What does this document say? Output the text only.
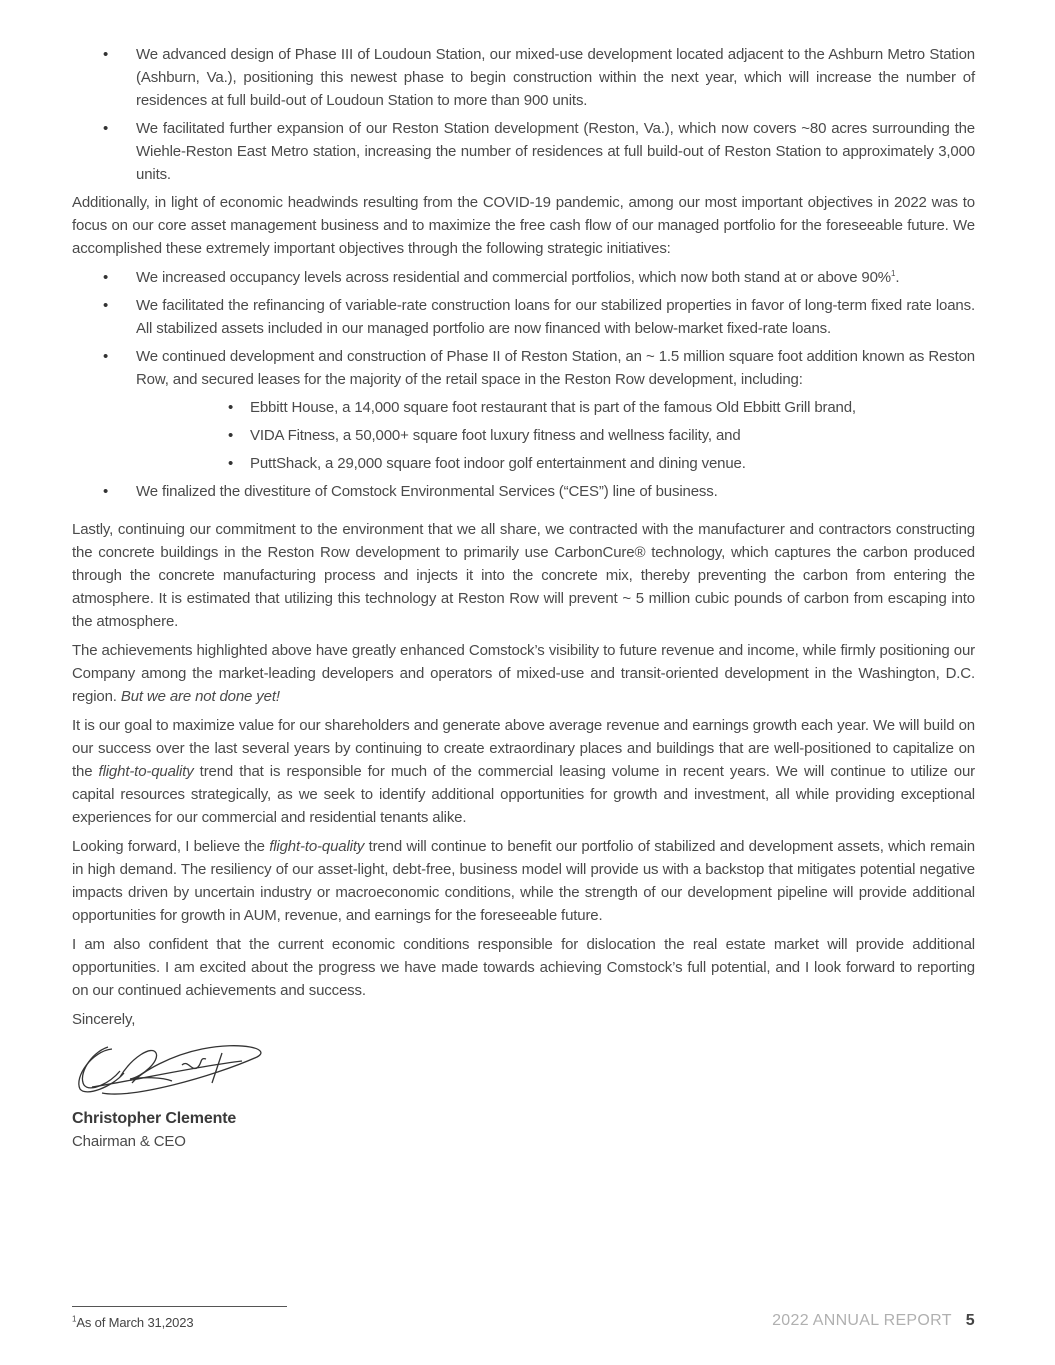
• We advanced design of Phase III of Loudoun Station, our mixed-use development located adjacent to the Ashburn Metro Station (Ashburn, Va.), positioning this newest phase to begin construction within the next year, which will increase the number of residences at full build-out of Loudoun Station to more than 900 units.
• We facilitated further expansion of our Reston Station development (Reston, Va.), which now covers ~80 acres surrounding the Wiehle-Reston East Metro station, increasing the number of residences at full build-out of Reston Station to approximately 3,000 units.

Additionally, in light of economic headwinds resulting from the COVID-19 pandemic, among our most important objectives in 2022 was to focus on our core asset management business and to maximize the free cash flow of our managed portfolio for the foreseeable future. We accomplished these extremely important objectives through the following strategic initiatives:

• We increased occupancy levels across residential and commercial portfolios, which now both stand at or above 90%$^1$.
• We facilitated the refinancing of variable-rate construction loans for our stabilized properties in favor of long-term fixed rate loans. All stabilized assets included in our managed portfolio are now financed with below-market fixed-rate loans.
• We continued development and construction of Phase II of Reston Station, an ~ 1.5 million square foot addition known as Reston Row, and secured leases for the majority of the retail space in the Reston Row development, including:
• Ebbitt House, a 14,000 square foot restaurant that is part of the famous Old Ebbitt Grill brand,
• VIDA Fitness, a 50,000+ square foot luxury fitness and wellness facility, and
• PuttShack, a 29,000 square foot indoor golf entertainment and dining venue.
• We finalized the divestiture of Comstock Environmental Services (“CES”) line of business.

Lastly, continuing our commitment to the environment that we all share, we contracted with the manufacturer and contractors constructing the concrete buildings in the Reston Row development to primarily use CarbonCure® technology, which captures the carbon produced through the concrete manufacturing process and injects it into the concrete mix, thereby preventing the carbon from entering the atmosphere. It is estimated that utilizing this technology at Reston Row will prevent ~ 5 million cubic pounds of carbon from escaping into the atmosphere.

The achievements highlighted above have greatly enhanced Comstock’s visibility to future revenue and income, while firmly positioning our Company among the market-leading developers and operators of mixed-use and transit-oriented development in the Washington, D.C. region. But we are not done yet!

It is our goal to maximize value for our shareholders and generate above average revenue and earnings growth each year. We will build on our success over the last several years by continuing to create extraordinary places and buildings that are well-positioned to capitalize on the flight-to-quality trend that is responsible for much of the commercial leasing volume in recent years. We will continue to utilize our capital resources strategically, as we seek to identify additional opportunities for growth and investment, all while providing exceptional experiences for our commercial and residential tenants alike.

Looking forward, I believe the flight-to-quality trend will continue to benefit our portfolio of stabilized and development assets, which remain in high demand. The resiliency of our asset-light, debt-free, business model will provide us with a backstop that mitigates potential negative impacts driven by uncertain industry or macroeconomic conditions, while the strength of our development pipeline will provide additional opportunities for growth in AUM, revenue, and earnings for the foreseeable future.

I am also confident that the current economic conditions responsible for dislocation the real estate market will provide additional opportunities. I am excited about the progress we have made towards achieving Comstock’s full potential, and I look forward to reporting on our continued achievements and success.

Sincerely,

Christopher Clemente
Chairman & CEO
$^1$As of March 31,2023	2022 ANNUAL REPORT 5
